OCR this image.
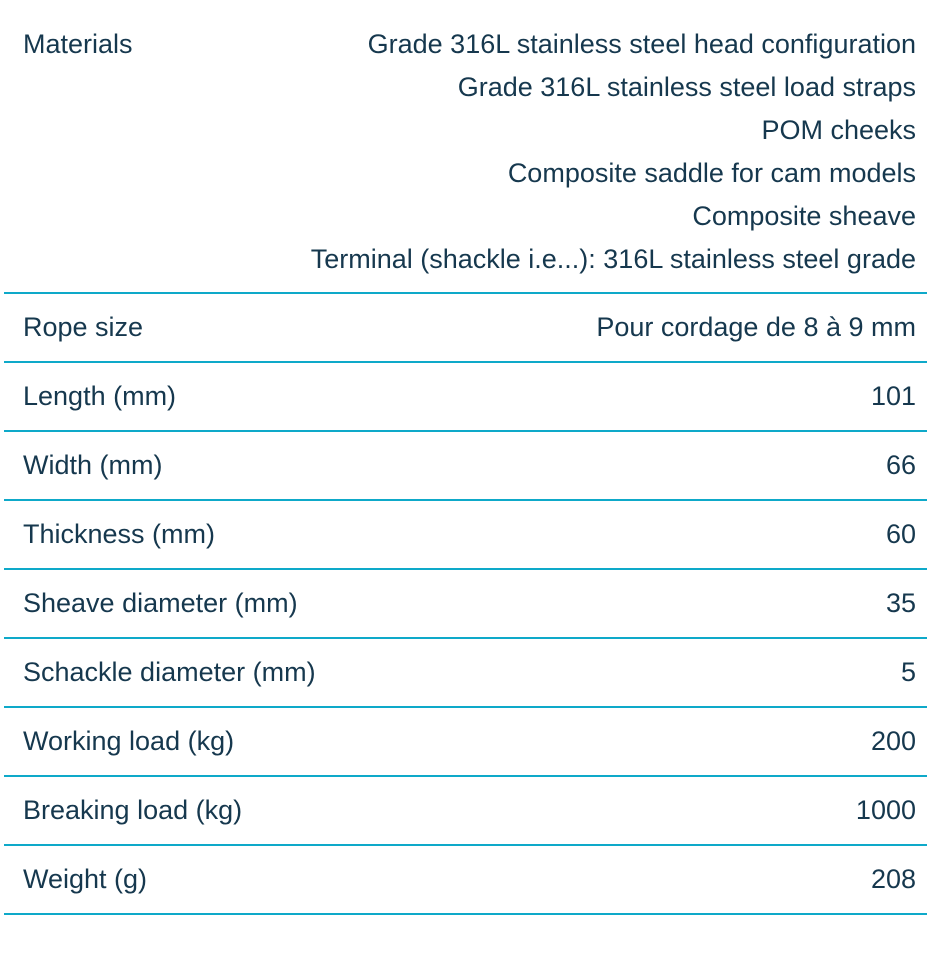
Materials	Grade 316L stainless steel head configuration
Grade 316L stainless steel load straps
POM cheeks
Composite saddle for cam models
Composite sheave
Terminal (shackle i.e...): 316L stainless steel grade
Rope size	Pour cordage de 8 à 9 mm
Length (mm)	101
Width (mm)	66
Thickness (mm)	60
Sheave diameter (mm)	35
Schackle diameter (mm)	5
Working load (kg)	200
Breaking load (kg)	1000
Weight (g)	208
